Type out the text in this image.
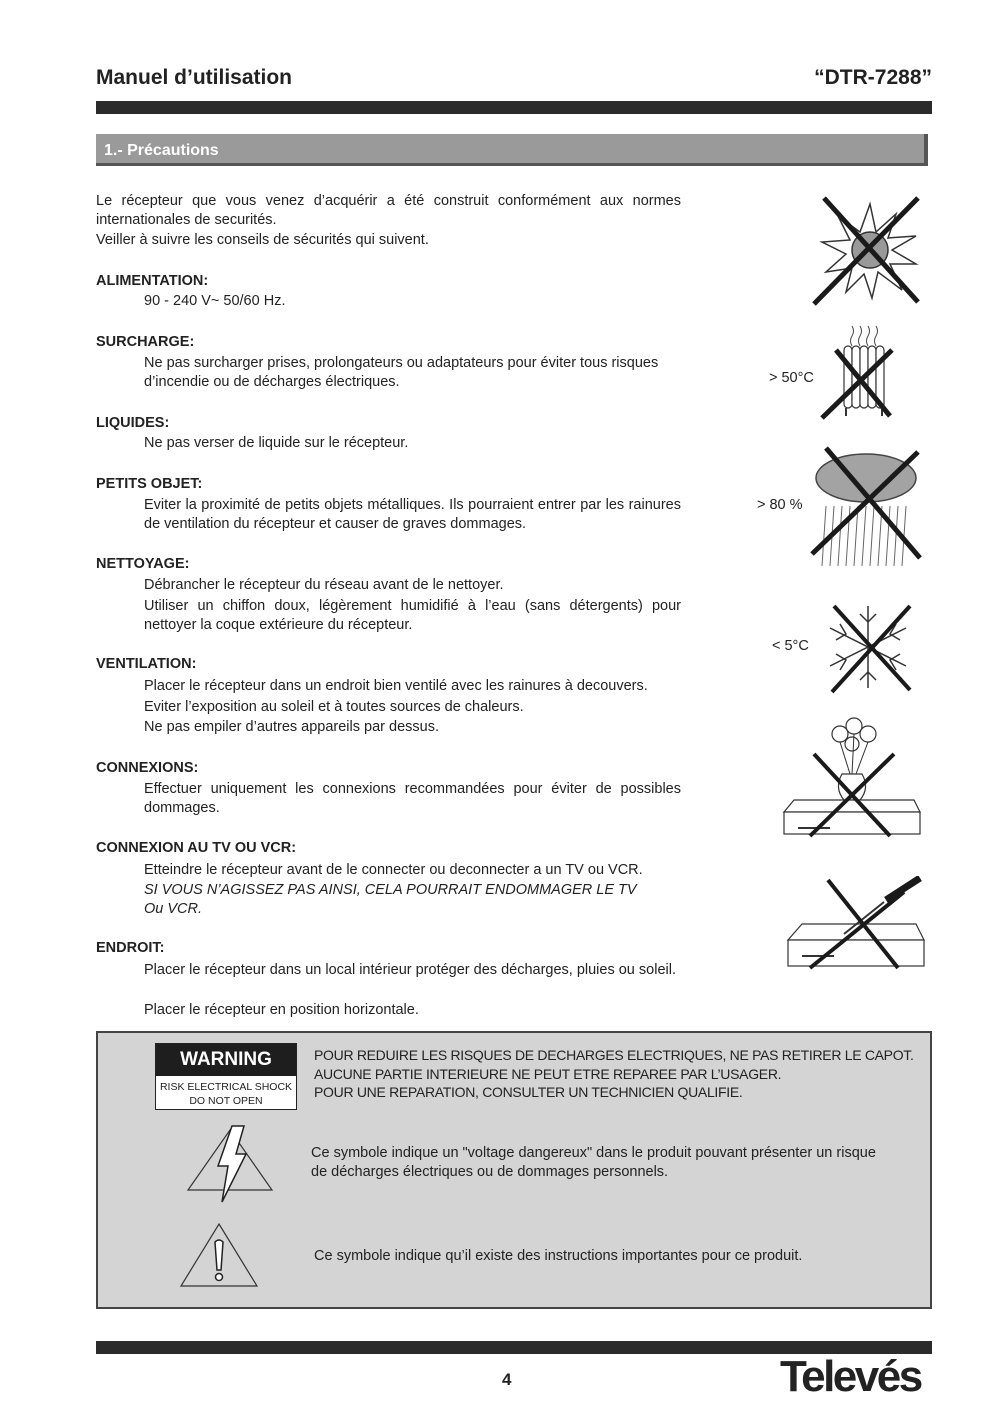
Manuel d’utilisation	“DTR-7288”
1.- Précautions
Le récepteur que vous venez d’acquérir a été construit conformément aux normes internationales de securités.
Veiller à suivre les conseils de sécurités qui suivent.
ALIMENTATION:
90 - 240 V~ 50/60 Hz.
SURCHARGE:
Ne pas surcharger prises, prolongateurs ou adaptateurs pour éviter tous risques d’incendie ou de décharges électriques.
LIQUIDES:
Ne pas verser de liquide sur le récepteur.
PETITS OBJET:
Eviter la proximité de petits objets métalliques. Ils pourraient entrer par les rainures de ventilation du récepteur et causer de graves dommages.
NETTOYAGE:
Débrancher le récepteur du réseau avant de le nettoyer.
Utiliser un chiffon doux, légèrement humidifié à l’eau (sans détergents) pour nettoyer la coque extérieure du récepteur.
VENTILATION:
Placer le récepteur dans un endroit bien ventilé avec les rainures à decouvers.
Eviter l’exposition au soleil et à toutes sources de chaleurs.
Ne pas empiler d’autres appareils par dessus.
CONNEXIONS:
Effectuer uniquement les connexions recommandées pour éviter de possibles dommages.
CONNEXION AU TV OU VCR:
Etteindre le récepteur avant de le connecter ou deconnecter a un TV ou VCR.
SI VOUS N’AGISSEZ PAS AINSI, CELA POURRAIT ENDOMMAGER LE TV
Ou VCR.
ENDROIT:
Placer le récepteur dans un local intérieur protéger des décharges, pluies ou soleil.
Placer le récepteur en position horizontale.
> 50°C
> 80 %
< 5°C
WARNING
RISK ELECTRICAL SHOCK
DO NOT OPEN
POUR REDUIRE LES RISQUES DE DECHARGES ELECTRIQUES, NE PAS RETIRER LE CAPOT.
AUCUNE PARTIE INTERIEURE NE PEUT ETRE REPAREE PAR L’USAGER.
POUR UNE REPARATION, CONSULTER UN TECHNICIEN QUALIFIE.
Ce symbole indique un "voltage dangereux" dans le produit pouvant présenter un risque de décharges électriques ou de dommages personnels.
Ce symbole indique qu’il existe des instructions importantes pour ce produit.
4	Televés
